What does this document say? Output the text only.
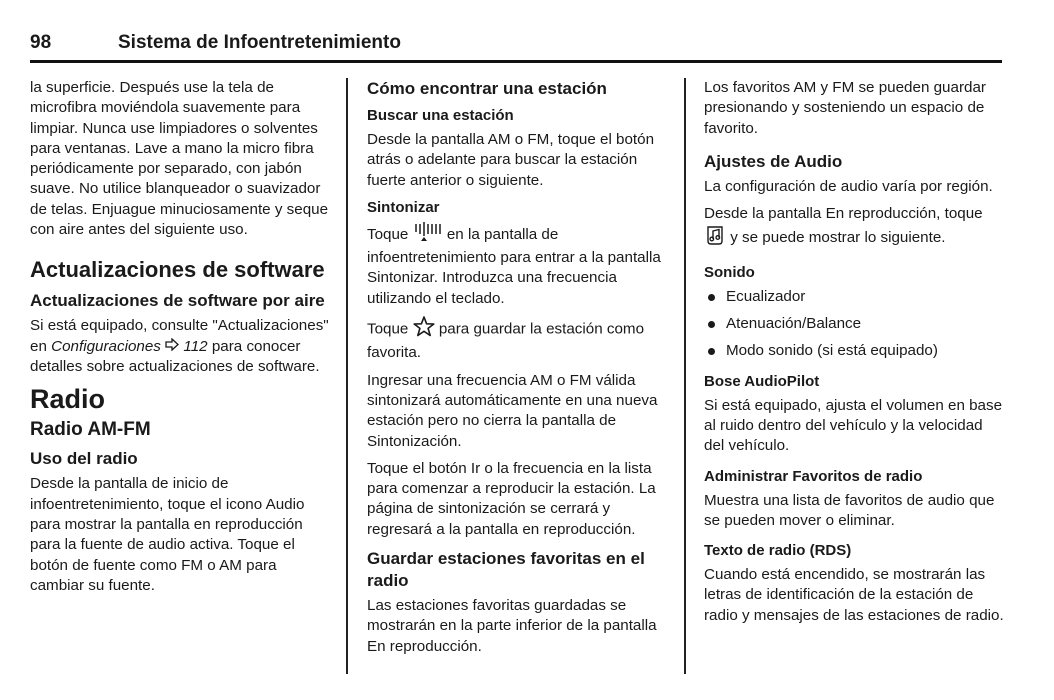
98	Sistema de Infoentretenimiento

la superficie. Después use la tela de microfibra moviéndola suavemente para limpiar. Nunca use limpiadores o solventes para ventanas. Lave a mano la micro fibra periódicamente por separado, con jabón suave. No utilice blanqueador o suavizador de telas. Enjuague minuciosamente y seque con aire antes del siguiente uso.

Actualizaciones de software
Actualizaciones de software por aire

Si está equipado, consulte "Actualizaciones" en Configuraciones 112 para conocer detalles sobre actualizaciones de software.

Radio
Radio AM-FM
Uso del radio

Desde la pantalla de inicio de infoentretenimiento, toque el icono Audio para mostrar la pantalla en reproducción para la fuente de audio activa. Toque el botón de fuente como FM o AM para cambiar su fuente.

Cómo encontrar una estación
Buscar una estación

Desde la pantalla AM o FM, toque el botón atrás o adelante para buscar la estación fuerte anterior o siguiente.

Sintonizar

Toque	en la pantalla de infoentretenimiento para entrar a la pantalla Sintonizar. Introduzca una frecuencia utilizando el teclado.

Toque para guardar la estación como favorita.

Ingresar una frecuencia AM o FM válida sintonizará automáticamente en una nueva estación pero no cierra la pantalla de Sintonización.

Toque el botón Ir o la frecuencia en la lista para comenzar a reproducir la estación. La página de sintonización se cerrará y regresará a la pantalla en reproducción.

Guardar estaciones favoritas en el radio

Las estaciones favoritas guardadas se mostrarán en la parte inferior de la pantalla En reproducción.

Los favoritos AM y FM se pueden guardar presionando y sosteniendo un espacio de favorito.

Ajustes de Audio

La configuración de audio varía por región.

Desde la pantalla En reproducción, toque  y se puede mostrar lo siguiente.

Sonido
Ecualizador
Atenuación/Balance
Modo sonido (si está equipado)
Bose AudioPilot

Si está equipado, ajusta el volumen en base al ruido dentro del vehículo y la velocidad del vehículo.

Administrar Favoritos de radio

Muestra una lista de favoritos de audio que se pueden mover o eliminar.

Texto de radio (RDS)

Cuando está encendido, se mostrarán las letras de identificación de la estación de radio y mensajes de las estaciones de radio.
